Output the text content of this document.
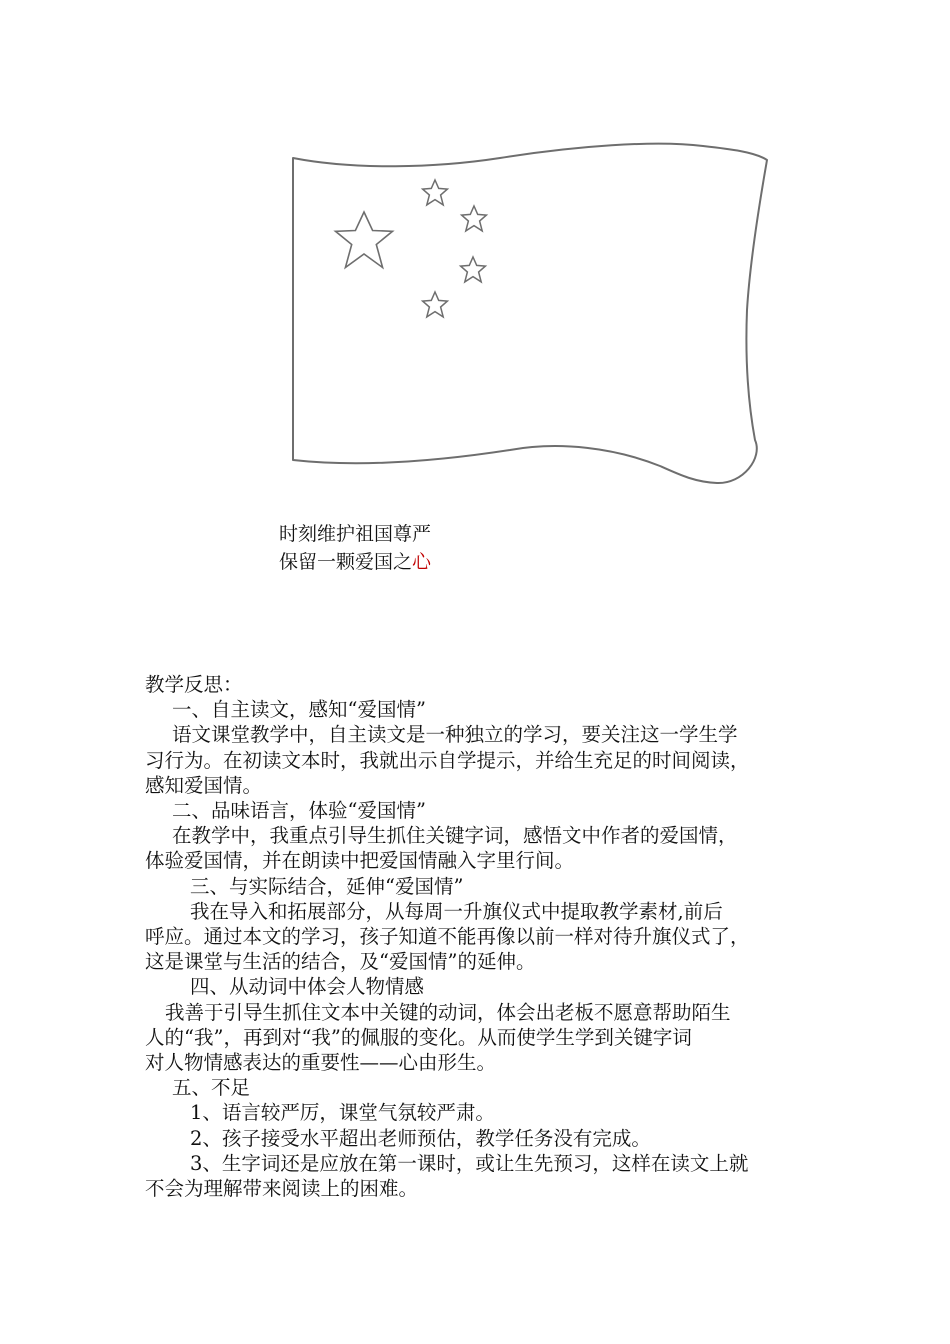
时刻维护祖国尊严
保留一颗爱国之心

教学反思：

一、自主读文，感知“爱国情”

语文课堂教学中，自主读文是一种独立的学习，要关注这一学生学

习行为。在初读文本时，我就出示自学提示，并给生充足的时间阅读，

感知爱国情。

二、品味语言，体验“爱国情”

在教学中，我重点引导生抓住关键字词，感悟文中作者的爱国情，

体验爱国情，并在朗读中把爱国情融入字里行间。

三、与实际结合，延伸“爱国情”

我在导入和拓展部分，从每周一升旗仪式中提取教学素材,前后

呼应。通过本文的学习，孩子知道不能再像以前一样对待升旗仪式了，

这是课堂与生活的结合，及“爱国情”的延伸。

四、从动词中体会人物情感

我善于引导生抓住文本中关键的动词，体会出老板不愿意帮助陌生

人的“我”，再到对“我”的佩服的变化。从而使学生学到关键字词

对人物情感表达的重要性——心由形生。

五、不足

1、语言较严厉，课堂气氛较严肃。

2、孩子接受水平超出老师预估，教学任务没有完成。

3、生字词还是应放在第一课时，或让生先预习，这样在读文上就

不会为理解带来阅读上的困难。
